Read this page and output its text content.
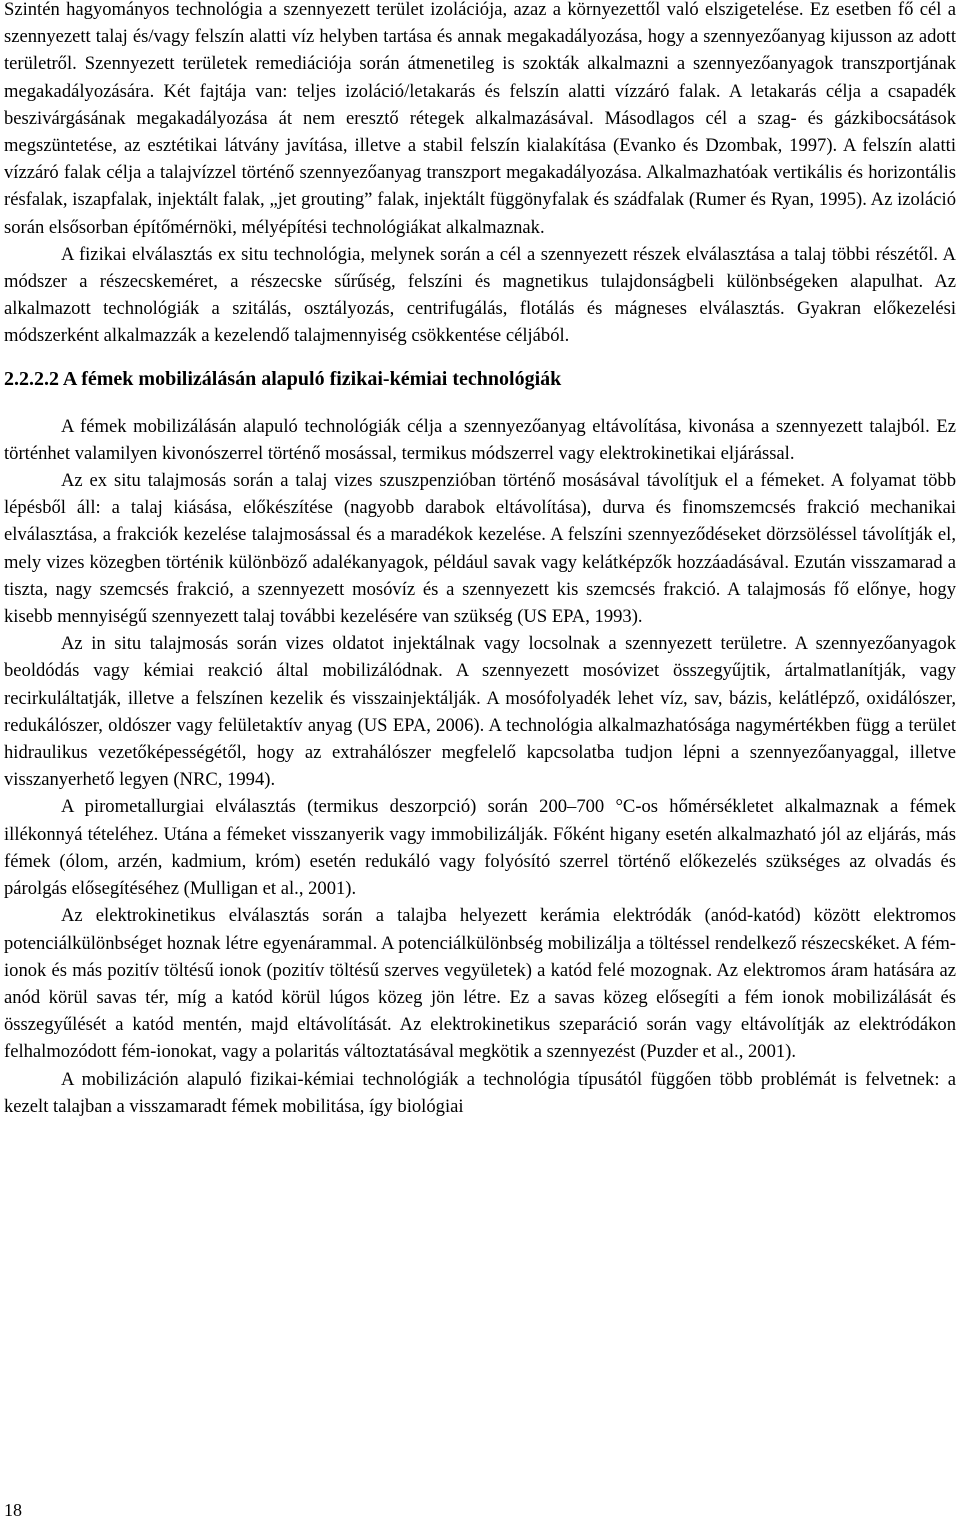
Szintén hagyományos technológia a szennyezett terület izolációja, azaz a környezettől való elszigetelése. Ez esetben fő cél a szennyezett talaj és/vagy felszín alatti víz helyben tartása és annak megakadályozása, hogy a szennyezőanyag kijusson az adott területről. Szennyezett területek remediációja során átmenetileg is szokták alkalmazni a szennyezőanyagok transzportjának megakadályozására. Két fajtája van: teljes izoláció/letakarás és felszín alatti vízzáró falak. A letakarás célja a csapadék beszivárgásának megakadályozása át nem eresztő rétegek alkalmazásával. Másodlagos cél a szag- és gázkibocsátások megszüntetése, az esztétikai látvány javítása, illetve a stabil felszín kialakítása (Evanko és Dzombak, 1997). A felszín alatti vízzáró falak célja a talajvízzel történő szennyezőanyag transzport megakadályozása. Alkalmazhatóak vertikális és horizontális résfalak, iszapfalak, injektált falak, „jet grouting” falak, injektált függönyfalak és szádfalak (Rumer és Ryan, 1995). Az izoláció során elsősorban építőmérnöki, mélyépítési technológiákat alkalmaznak.

A fizikai elválasztás ex situ technológia, melynek során a cél a szennyezett részek elválasztása a talaj többi részétől. A módszer a részecskeméret, a részecske sűrűség, felszíni és magnetikus tulajdonságbeli különbségeken alapulhat. Az alkalmazott technológiák a szitálás, osztályozás, centrifugálás, flotálás és mágneses elválasztás. Gyakran előkezelési módszerként alkalmazzák a kezelendő talajmennyiség csökkentése céljából.

2.2.2.2 A fémek mobilizálásán alapuló fizikai-kémiai technológiák

A fémek mobilizálásán alapuló technológiák célja a szennyezőanyag eltávolítása, kivonása a szennyezett talajból. Ez történhet valamilyen kivonószerrel történő mosással, termikus módszerrel vagy elektrokinetikai eljárással.

Az ex situ talajmosás során a talaj vizes szuszpenzióban történő mosásával távolítjuk el a fémeket. A folyamat több lépésből áll: a talaj kiásása, előkészítése (nagyobb darabok eltávolítása), durva és finomszemcsés frakció mechanikai elválasztása, a frakciók kezelése talajmosással és a maradékok kezelése. A felszíni szennyeződéseket dörzsöléssel távolítják el, mely vizes közegben történik különböző adalékanyagok, például savak vagy kelátképzők hozzáadásával. Ezután visszamarad a tiszta, nagy szemcsés frakció, a szennyezett mosóvíz és a szennyezett kis szemcsés frakció. A talajmosás fő előnye, hogy kisebb mennyiségű szennyezett talaj további kezelésére van szükség (US EPA, 1993).

Az in situ talajmosás során vizes oldatot injektálnak vagy locsolnak a szennyezett területre. A szennyezőanyagok beoldódás vagy kémiai reakció által mobilizálódnak. A szennyezett mosóvizet összegyűjtik, ártalmatlanítják, vagy recirkuláltatják, illetve a felszínen kezelik és visszainjektálják. A mosófolyadék lehet víz, sav, bázis, kelátlépző, oxidálószer, redukálószer, oldószer vagy felületaktív anyag (US EPA, 2006). A technológia alkalmazhatósága nagymértékben függ a terület hidraulikus vezetőképességétől, hogy az extrahálószer megfelelő kapcsolatba tudjon lépni a szennyezőanyaggal, illetve visszanyerhető legyen (NRC, 1994).

A pirometallurgiai elválasztás (termikus deszorpció) során 200–700 °C-os hőmérsékletet alkalmaznak a fémek illékonnyá tételéhez. Utána a fémeket visszanyerik vagy immobilizálják. Főként higany esetén alkalmazható jól az eljárás, más fémek (ólom, arzén, kadmium, króm) esetén redukáló vagy folyósító szerrel történő előkezelés szükséges az olvadás és párolgás elősegítéséhez (Mulligan et al., 2001).

Az elektrokinetikus elválasztás során a talajba helyezett kerámia elektródák (anód-katód) között elektromos potenciálkülönbséget hoznak létre egyenárammal. A potenciálkülönbség mobilizálja a töltéssel rendelkező részecskéket. A fém-ionok és más pozitív töltésű ionok (pozitív töltésű szerves vegyületek) a katód felé mozognak. Az elektromos áram hatására az anód körül savas tér, míg a katód körül lúgos közeg jön létre. Ez a savas közeg elősegíti a fém ionok mobilizálását és összegyűlését a katód mentén, majd eltávolítását. Az elektrokinetikus szeparáció során vagy eltávolítják az elektródákon felhalmozódott fém-ionokat, vagy a polaritás változtatásával megkötik a szennyezést (Puzder et al., 2001).

A mobilizáción alapuló fizikai-kémiai technológiák a technológia típusától függően több problémát is felvetnek: a kezelt talajban a visszamaradt fémek mobilitása, így biológiai

18
